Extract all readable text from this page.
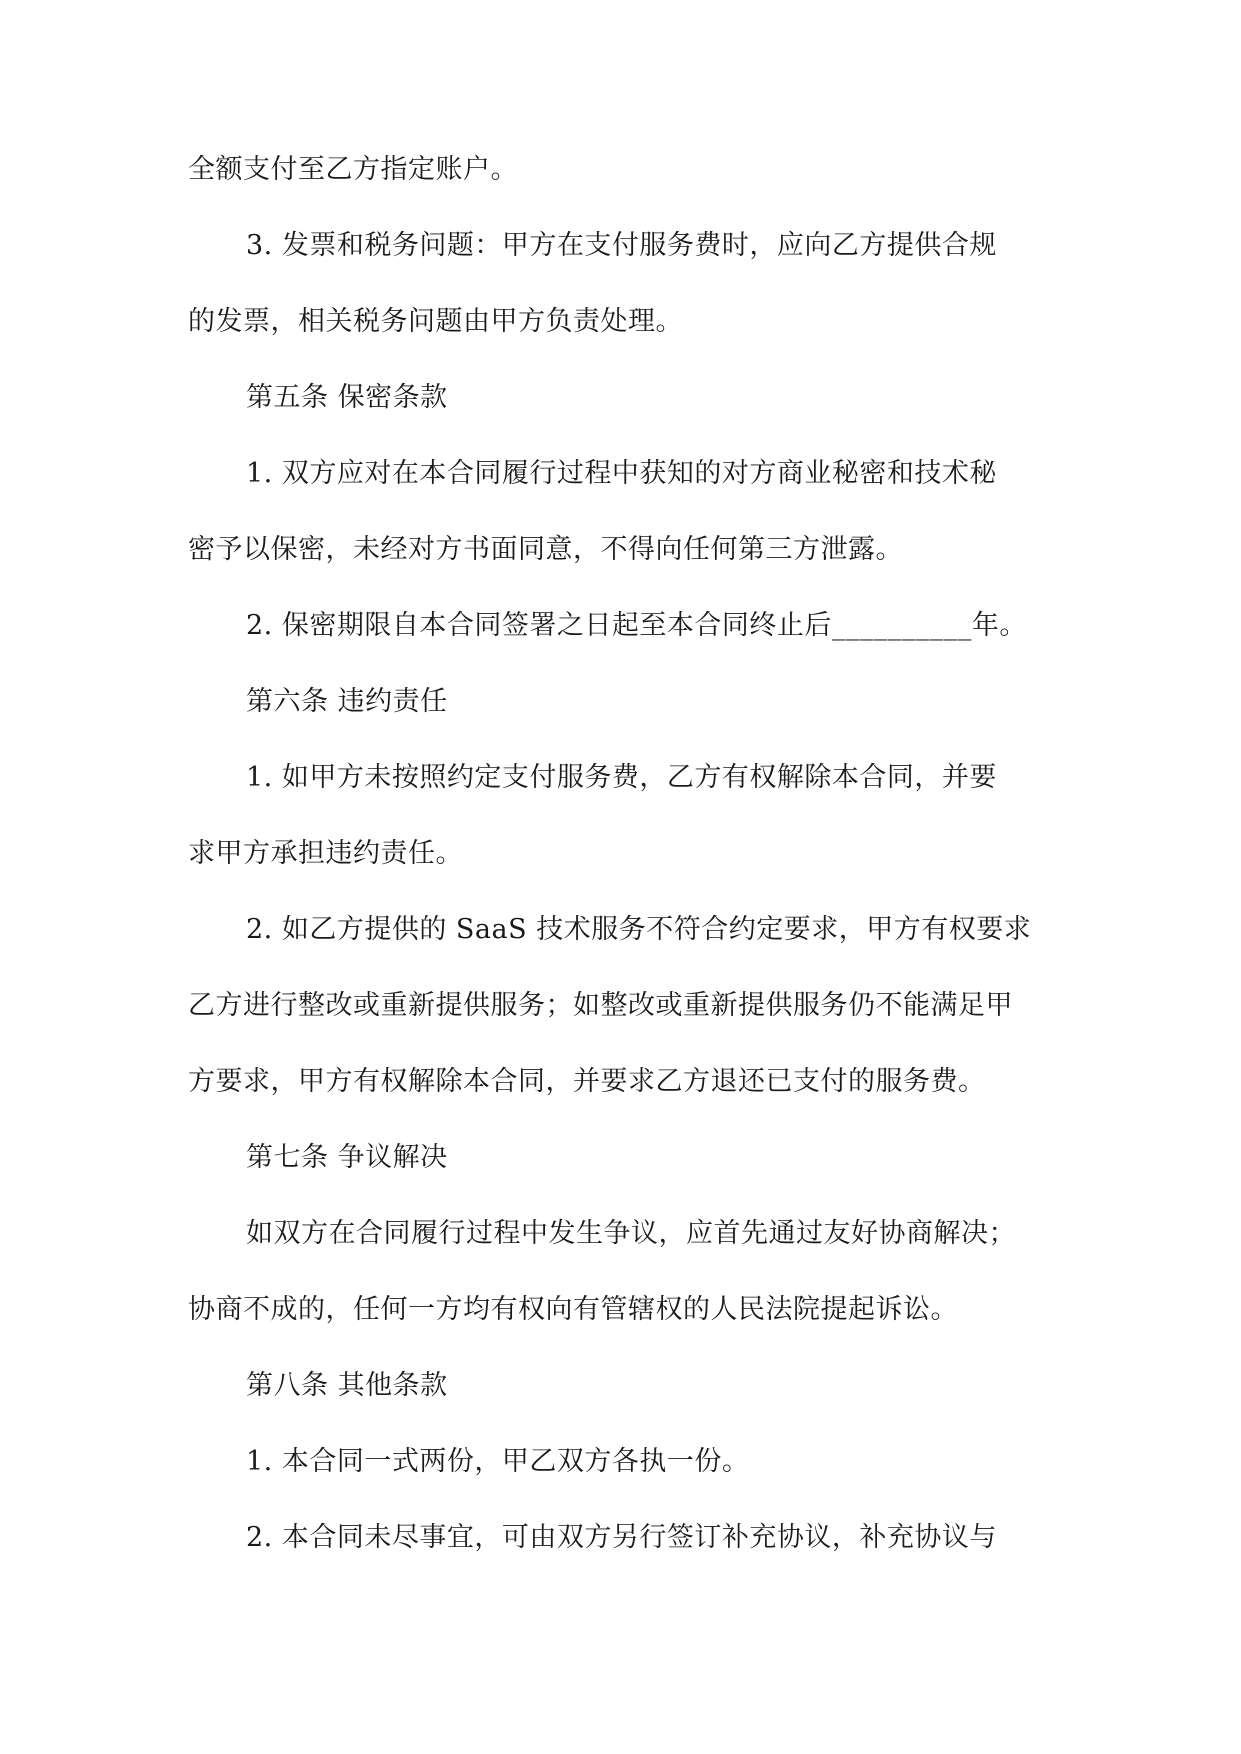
全额支付至乙方指定账户。
3. 发票和税务问题：甲方在支付服务费时，应向乙方提供合规
的发票，相关税务问题由甲方负责处理。
第五条 保密条款
1. 双方应对在本合同履行过程中获知的对方商业秘密和技术秘
密予以保密，未经对方书面同意，不得向任何第三方泄露。
2. 保密期限自本合同签署之日起至本合同终止后__________年。
第六条 违约责任
1. 如甲方未按照约定支付服务费，乙方有权解除本合同，并要
求甲方承担违约责任。
2. 如乙方提供的 SaaS 技术服务不符合约定要求，甲方有权要求
乙方进行整改或重新提供服务；如整改或重新提供服务仍不能满足甲
方要求，甲方有权解除本合同，并要求乙方退还已支付的服务费。
第七条 争议解决
如双方在合同履行过程中发生争议，应首先通过友好协商解决；
协商不成的，任何一方均有权向有管辖权的人民法院提起诉讼。
第八条 其他条款
1. 本合同一式两份，甲乙双方各执一份。
2. 本合同未尽事宜，可由双方另行签订补充协议，补充协议与
